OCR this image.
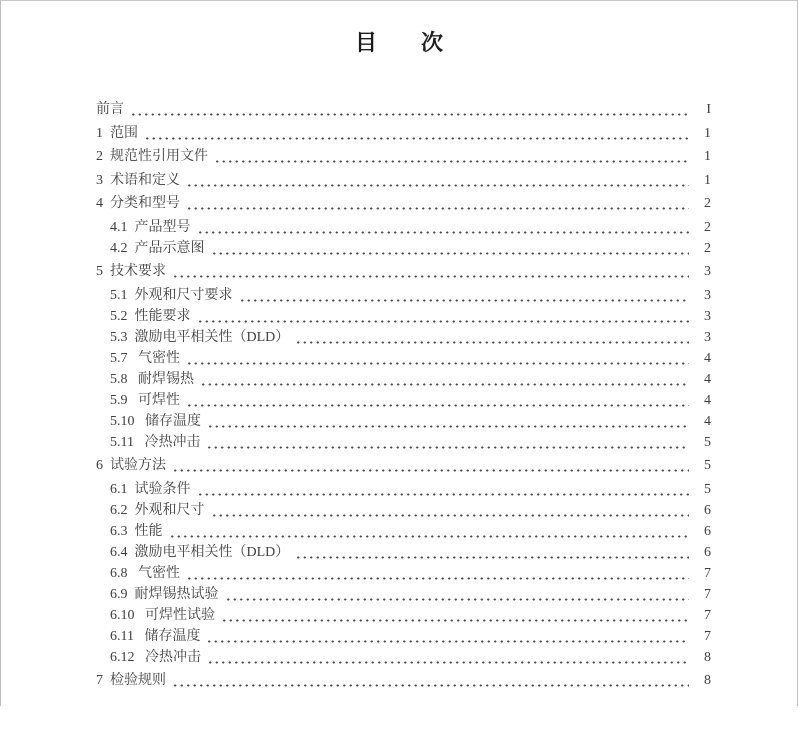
目　　次
前言	I
1  范围	1
2  规范性引用文件	1
3  术语和定义	1
4  分类和型号	2
4.1  产品型号	2
4.2  产品示意图	2
5  技术要求	3
5.1  外观和尺寸要求	3
5.2  性能要求	3
5.3  激励电平相关性（DLD）	3
5.7   气密性	4
5.8   耐焊锡热	4
5.9   可焊性	4
5.10   储存温度	4
5.11   冷热冲击	5
6  试验方法	5
6.1  试验条件	5
6.2  外观和尺寸	6
6.3  性能	6
6.4  激励电平相关性（DLD）	6
6.8   气密性	7
6.9  耐焊锡热试验	7
6.10   可焊性试验	7
6.11   储存温度	7
6.12   冷热冲击	8
7  检验规则	8
